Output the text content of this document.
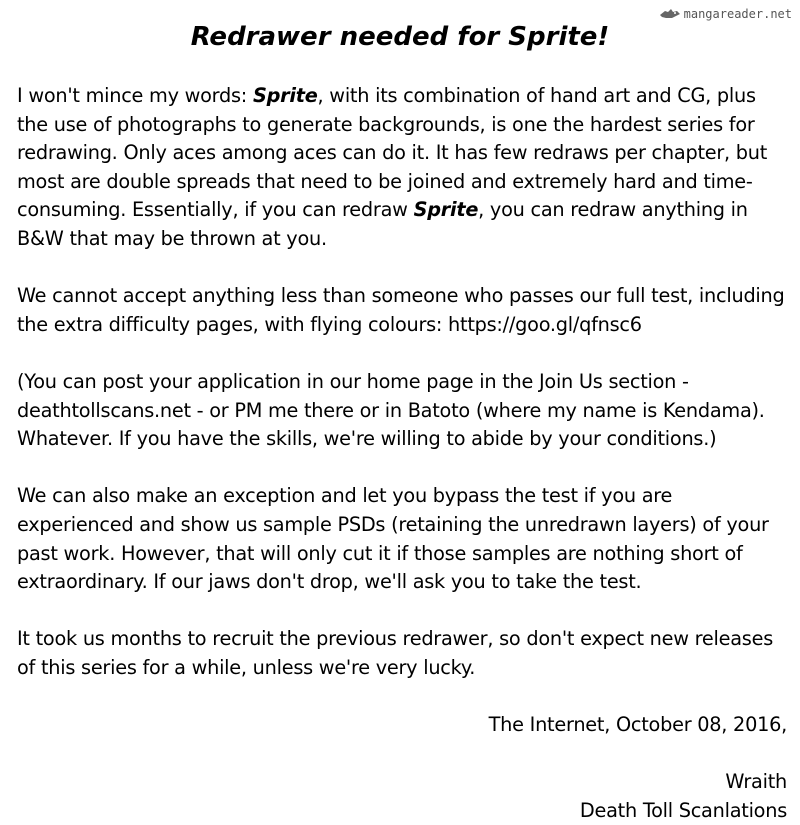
mangareader.net
Redrawer needed for Sprite!

I won't mince my words: Sprite, with its combination of hand art and CG, plus the use of photographs to generate backgrounds, is one the hardest series for redrawing. Only aces among aces can do it. It has few redraws per chapter, but most are double spreads that need to be joined and extremely hard and time-consuming. Essentially, if you can redraw Sprite, you can redraw anything in B&W that may be thrown at you.

We cannot accept anything less than someone who passes our full test, including the extra difficulty pages, with flying colours: https://goo.gl/qfnsc6

(You can post your application in our home page in the Join Us section - deathtollscans.net - or PM me there or in Batoto (where my name is Kendama). Whatever. If you have the skills, we're willing to abide by your conditions.)

We can also make an exception and let you bypass the test if you are experienced and show us sample PSDs (retaining the unredrawn layers) of your past work. However, that will only cut it if those samples are nothing short of extraordinary. If our jaws don't drop, we'll ask you to take the test.

It took us months to recruit the previous redrawer, so don't expect new releases of this series for a while, unless we're very lucky.

The Internet, October 08, 2016,

Wraith

Death Toll Scanlations
